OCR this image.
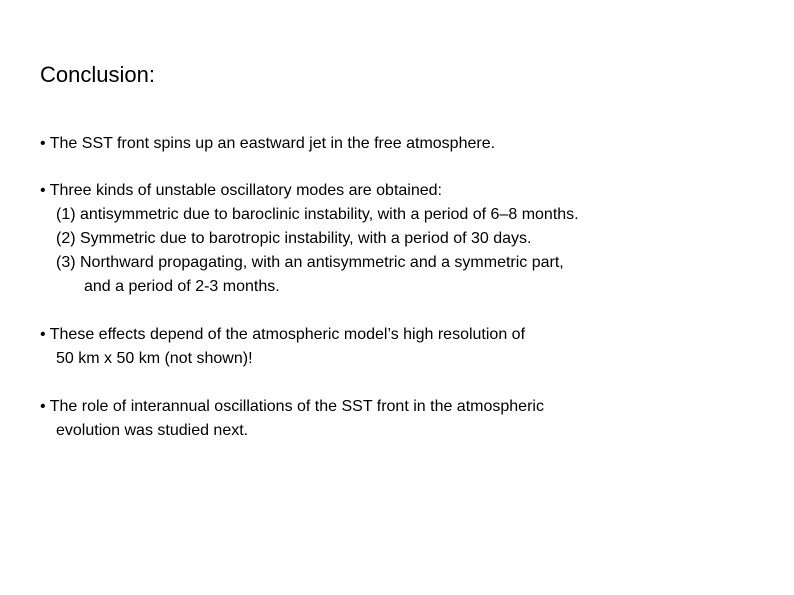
Conclusion:
• The SST front spins up an eastward jet in the free atmosphere.
• Three kinds of unstable oscillatory modes are obtained:
(1) antisymmetric due to baroclinic instability, with a period of 6–8 months.
(2) Symmetric due to barotropic instability, with a period of 30 days.
(3) Northward propagating, with an antisymmetric and a symmetric part,
and a period of 2-3 months.
• These effects depend of the atmospheric model’s high resolution of
50 km x 50 km (not shown)!
• The role of interannual oscillations of the SST front in the atmospheric
evolution was studied next.
